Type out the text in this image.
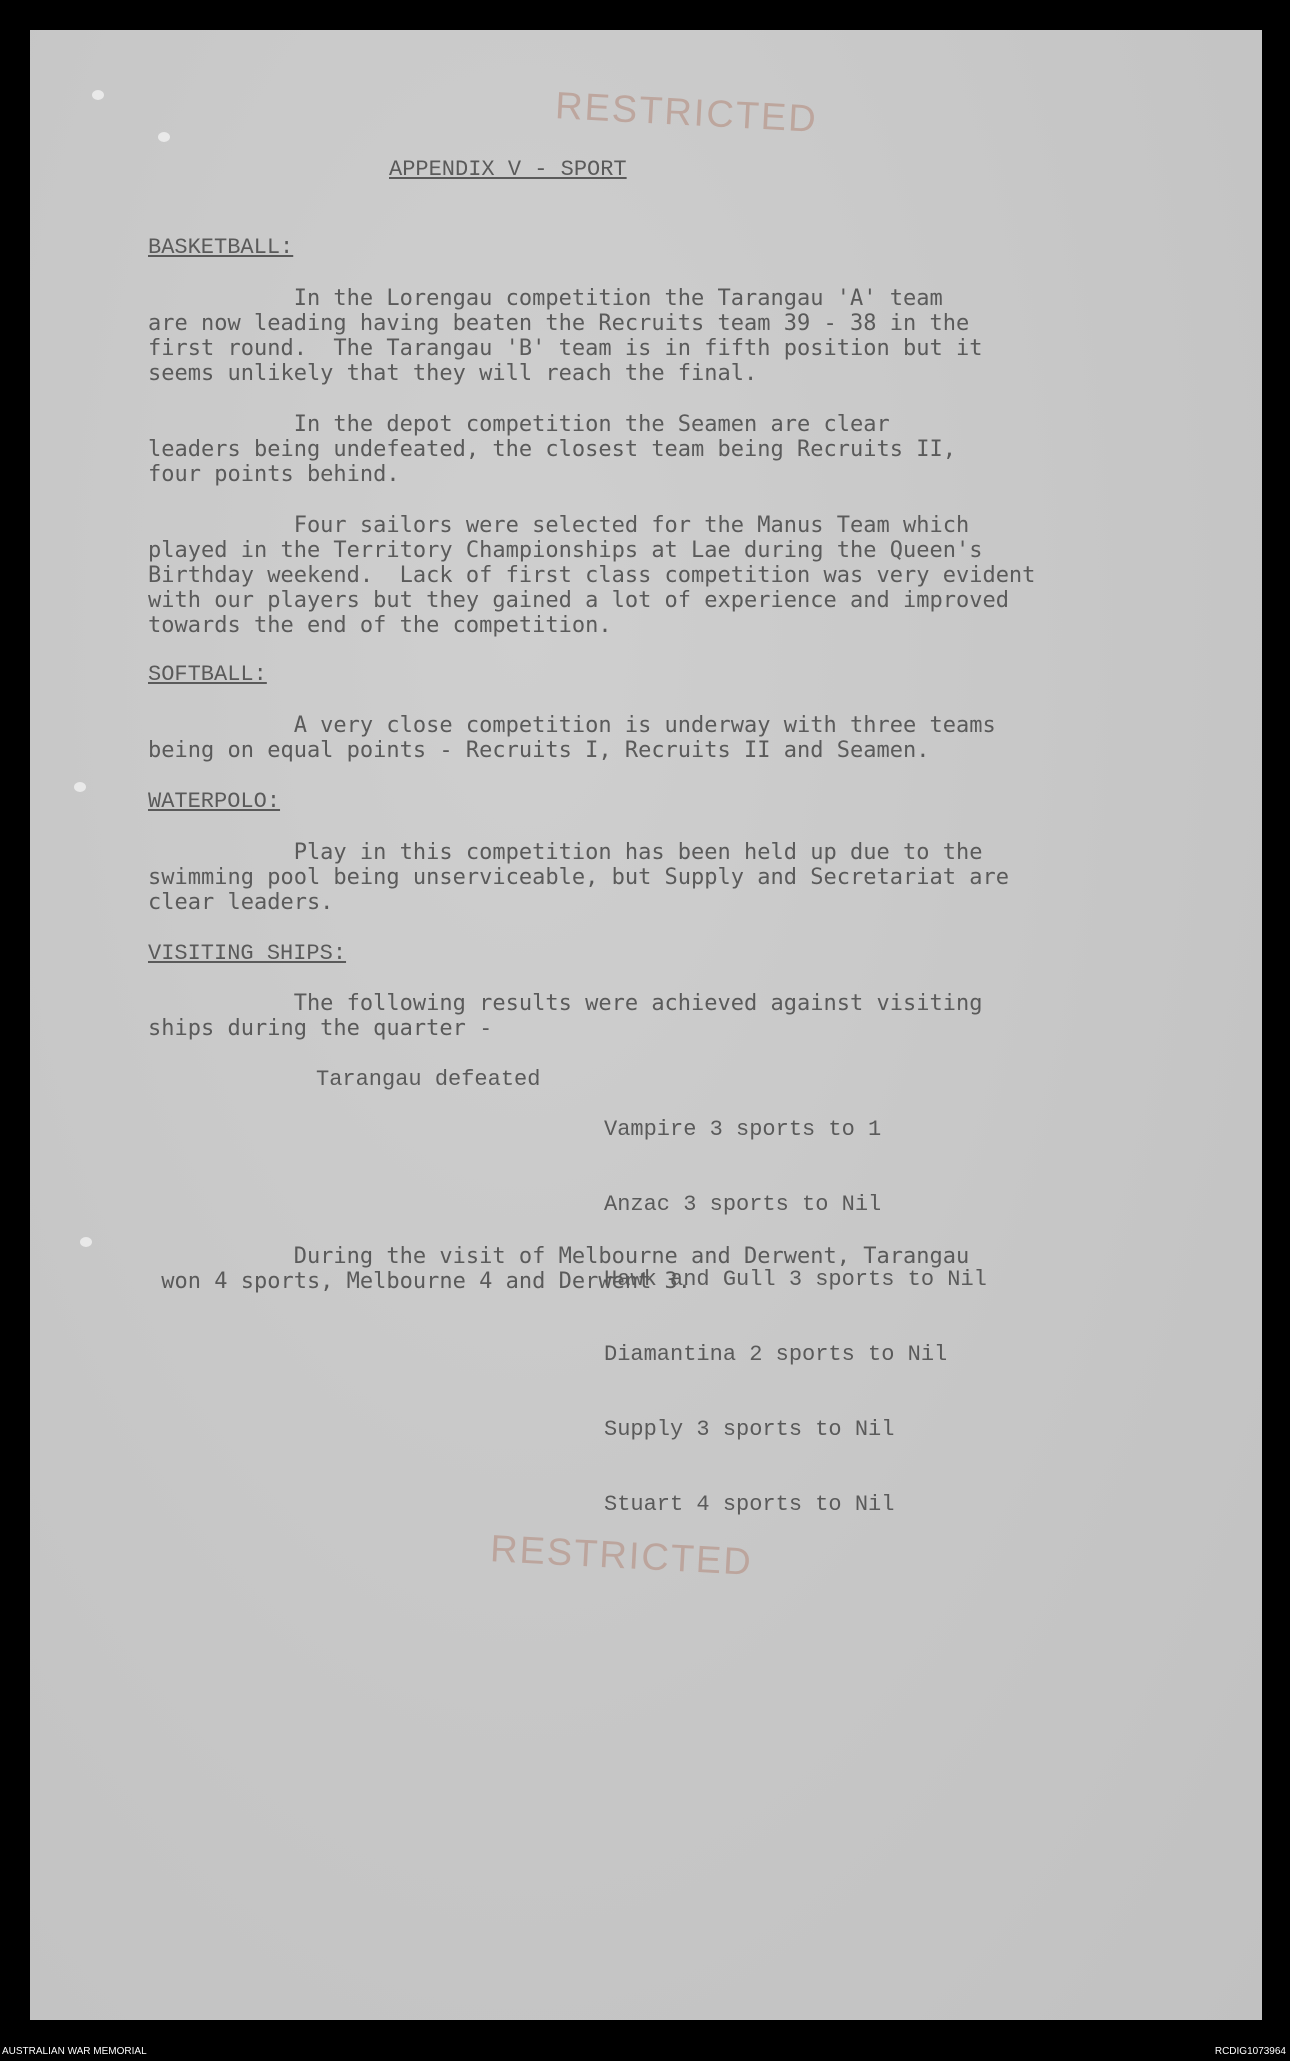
RESTRICTED
APPENDIX V - SPORT
BASKETBALL:
In the Lorengau competition the Tarangau 'A' team
are now leading having beaten the Recruits team 39 - 38 in the
first round.  The Tarangau 'B' team is in fifth position but it
seems unlikely that they will reach the final.
In the depot competition the Seamen are clear
leaders being undefeated, the closest team being Recruits II,
four points behind.
Four sailors were selected for the Manus Team which
played in the Territory Championships at Lae during the Queen's
Birthday weekend.  Lack of first class competition was very evident
with our players but they gained a lot of experience and improved
towards the end of the competition.
SOFTBALL:
A very close competition is underway with three teams
being on equal points - Recruits I, Recruits II and Seamen.
WATERPOLO:
Play in this competition has been held up due to the
swimming pool being unserviceable, but Supply and Secretariat are
clear leaders.
VISITING SHIPS:
The following results were achieved against visiting
ships during the quarter -
Tarangau defeated

Vampire 3 sports to 1

Anzac 3 sports to Nil

Hawk and Gull 3 sports to Nil

Diamantina 2 sports to Nil

Supply 3 sports to Nil

Stuart 4 sports to Nil

During the visit of Melbourne and Derwent, Tarangau
won 4 sports, Melbourne 4 and Derwent 3.
RESTRICTED
AUSTRALIAN WAR MEMORIAL	RCDIG1073964
